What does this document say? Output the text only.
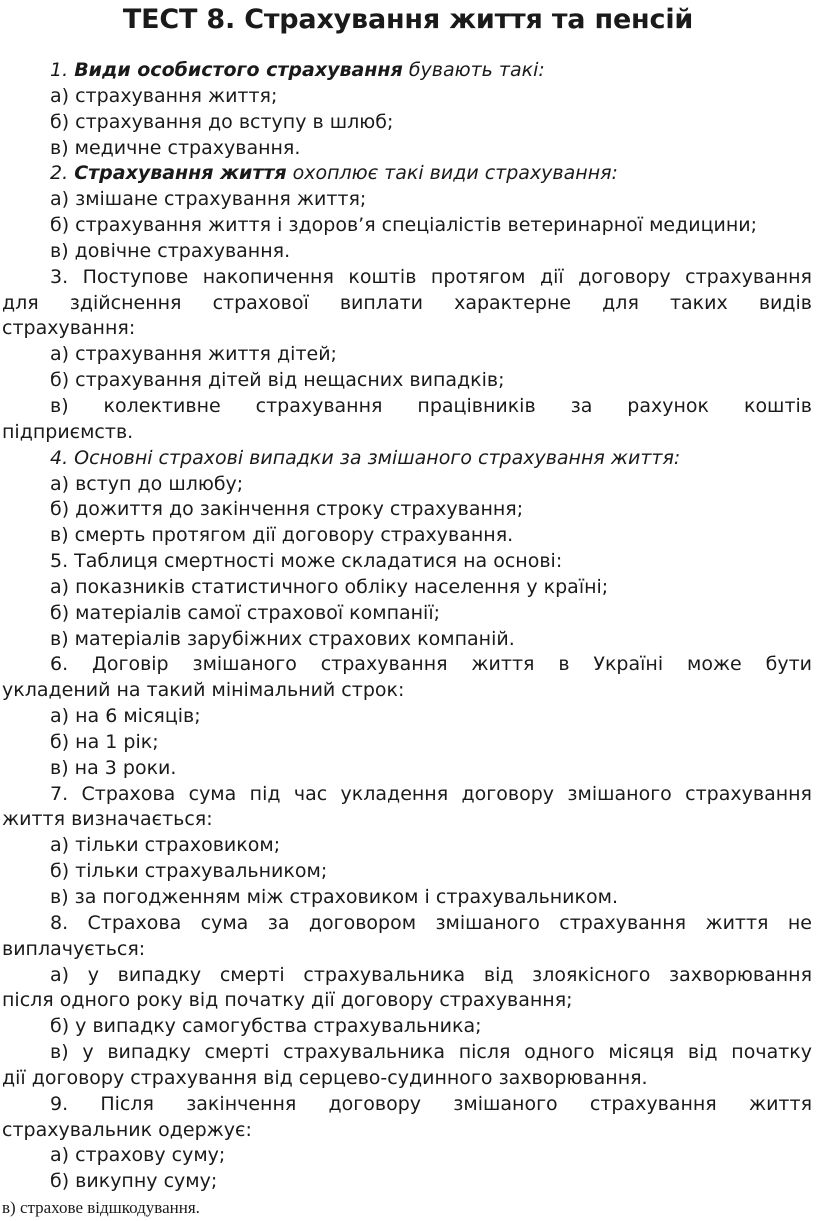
ТЕСТ 8. Страхування життя та пенсій
1. Види особистого страхування бувають такі:
а) страхування життя;
б) страхування до вступу в шлюб;
в) медичне страхування.
2. Страхування життя охоплює такі види страхування:
а) змішане страхування життя;
б) страхування життя і здоров’я спеціалістів ветеринарної медицини;
в) довічне страхування.
3. Поступове накопичення коштів протягом дії договору страхування
для здійснення страхової виплати характерне для таких видів
страхування:
а) страхування життя дітей;
б) страхування дітей від нещасних випадків;
в) колективне страхування працівників за рахунок коштів
підприємств.
4. Основні страхові випадки за змішаного страхування життя:
а) вступ до шлюбу;
б) дожиття до закінчення строку страхування;
в) смерть протягом дії договору страхування.
5. Таблиця смертності може складатися на основі:
а) показників статистичного обліку населення у країні;
б) матеріалів самої страхової компанії;
в) матеріалів зарубіжних страхових компаній.
6. Договір змішаного страхування життя в Україні може бути
укладений на такий мінімальний строк:
а) на 6 місяців;
б) на 1 рік;
в) на 3 роки.
7. Страхова сума під час укладення договору змішаного страхування
життя визначається:
а) тільки страховиком;
б) тільки страхувальником;
в) за погодженням між страховиком і страхувальником.
8. Страхова сума за договором змішаного страхування життя не
виплачується:
а) у випадку смерті страхувальника від злоякісного захворювання
після одного року від початку дії договору страхування;
б) у випадку самогубства страхувальника;
в) у випадку смерті страхувальника після одного місяця від початку
дії договору страхування від серцево-судинного захворювання.
9. Після закінчення договору змішаного страхування життя
страхувальник одержує:
а) страхову суму;
б) викупну суму;
в) страхове відшкодування.
